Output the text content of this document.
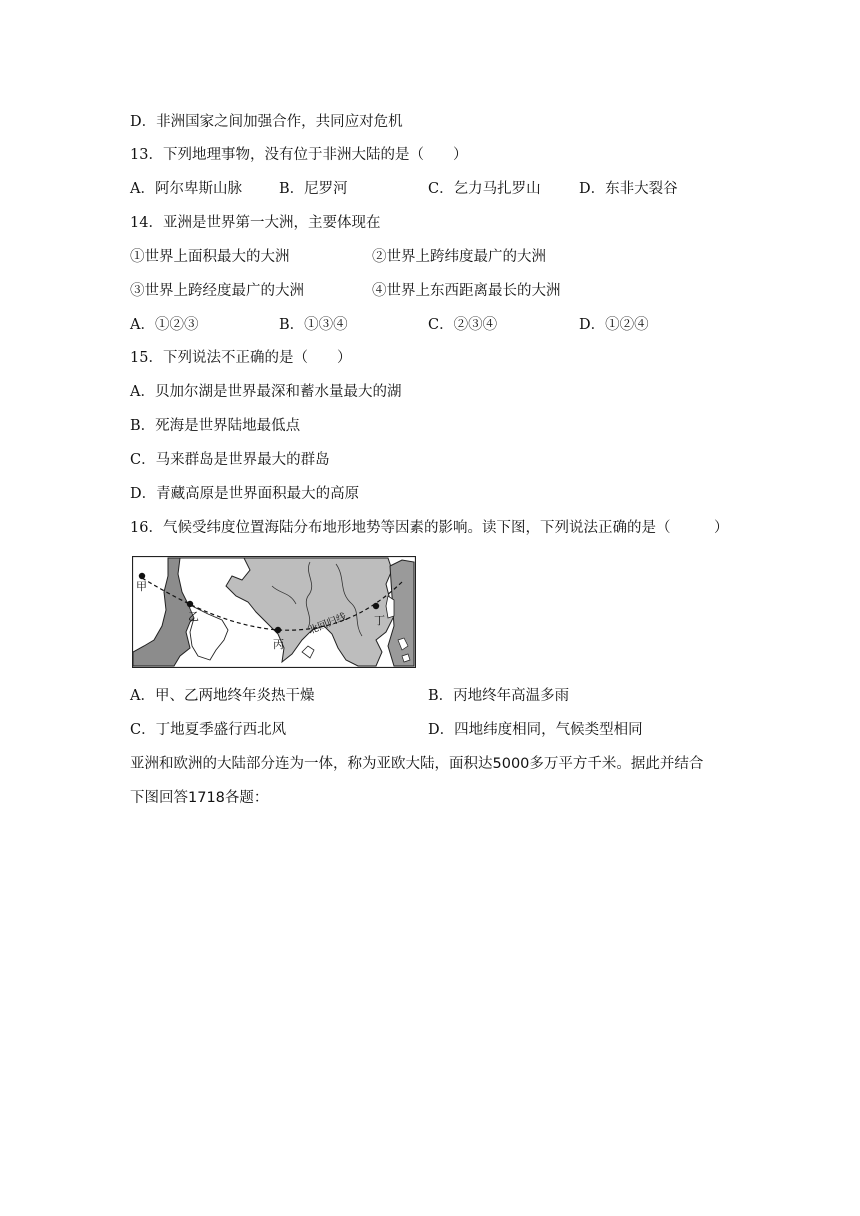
D．非洲国家之间加强合作，共同应对危机
13．下列地理事物，没有位于非洲大陆的是（　　）
A．阿尔卑斯山脉	B．尼罗河	C．乞力马扎罗山	D．东非大裂谷
14．亚洲是世界第一大洲，主要体现在
①世界上面积最大的大洲	②世界上跨纬度最广的大洲
③世界上跨经度最广的大洲	④世界上东西距离最长的大洲
A．①②③	B．①③④	C．②③④	D．①②④
15．下列说法不正确的是（　　）
A．贝加尔湖是世界最深和蓄水量最大的湖
B．死海是世界陆地最低点
C．马来群岛是世界最大的群岛
D．青藏高原是世界面积最大的高原
16．气候受纬度位置海陆分布地形地势等因素的影响。读下图，下列说法正确的是（　　　）
甲
乙
丙
丁
北回归线
A．甲、乙两地终年炎热干燥	B．丙地终年高温多雨
C．丁地夏季盛行西北风	D．四地纬度相同，气候类型相同
亚洲和欧洲的大陆部分连为一体，称为亚欧大陆，面积达5000多万平方千米。据此并结合
下图回答1718各题：
